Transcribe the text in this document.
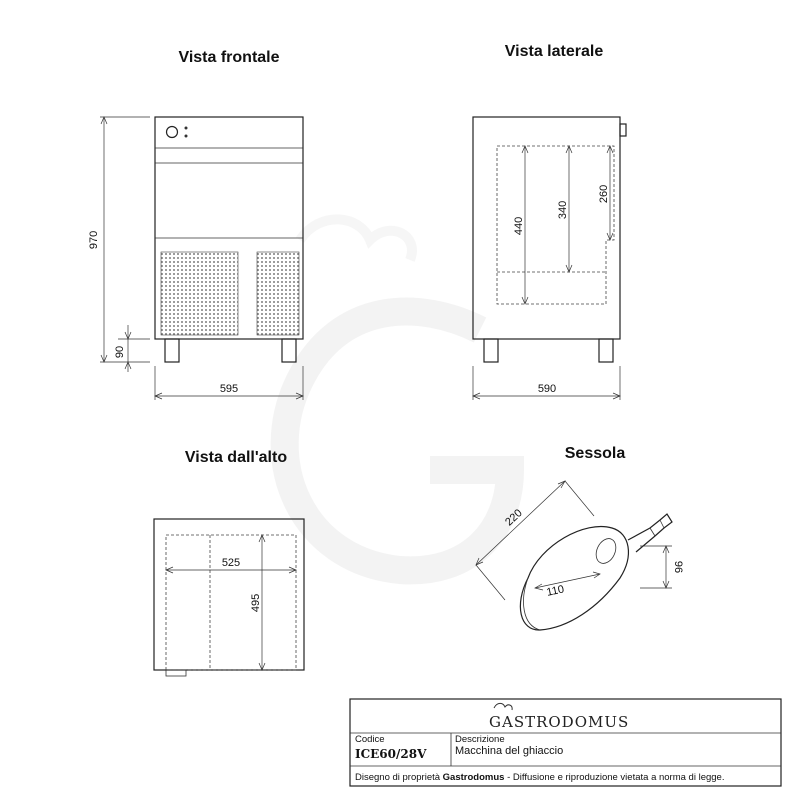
Vista frontale
970
90
595
Vista laterale
440
340
260
590
Vista dall'alto
525
495
Sessola
110
220
96
GASTRODOMUS
Codice
ICE60/28V
Descrizione
Macchina del ghiaccio
Disegno di proprietà Gastrodomus - Diffusione e riproduzione vietata a norma di legge.
